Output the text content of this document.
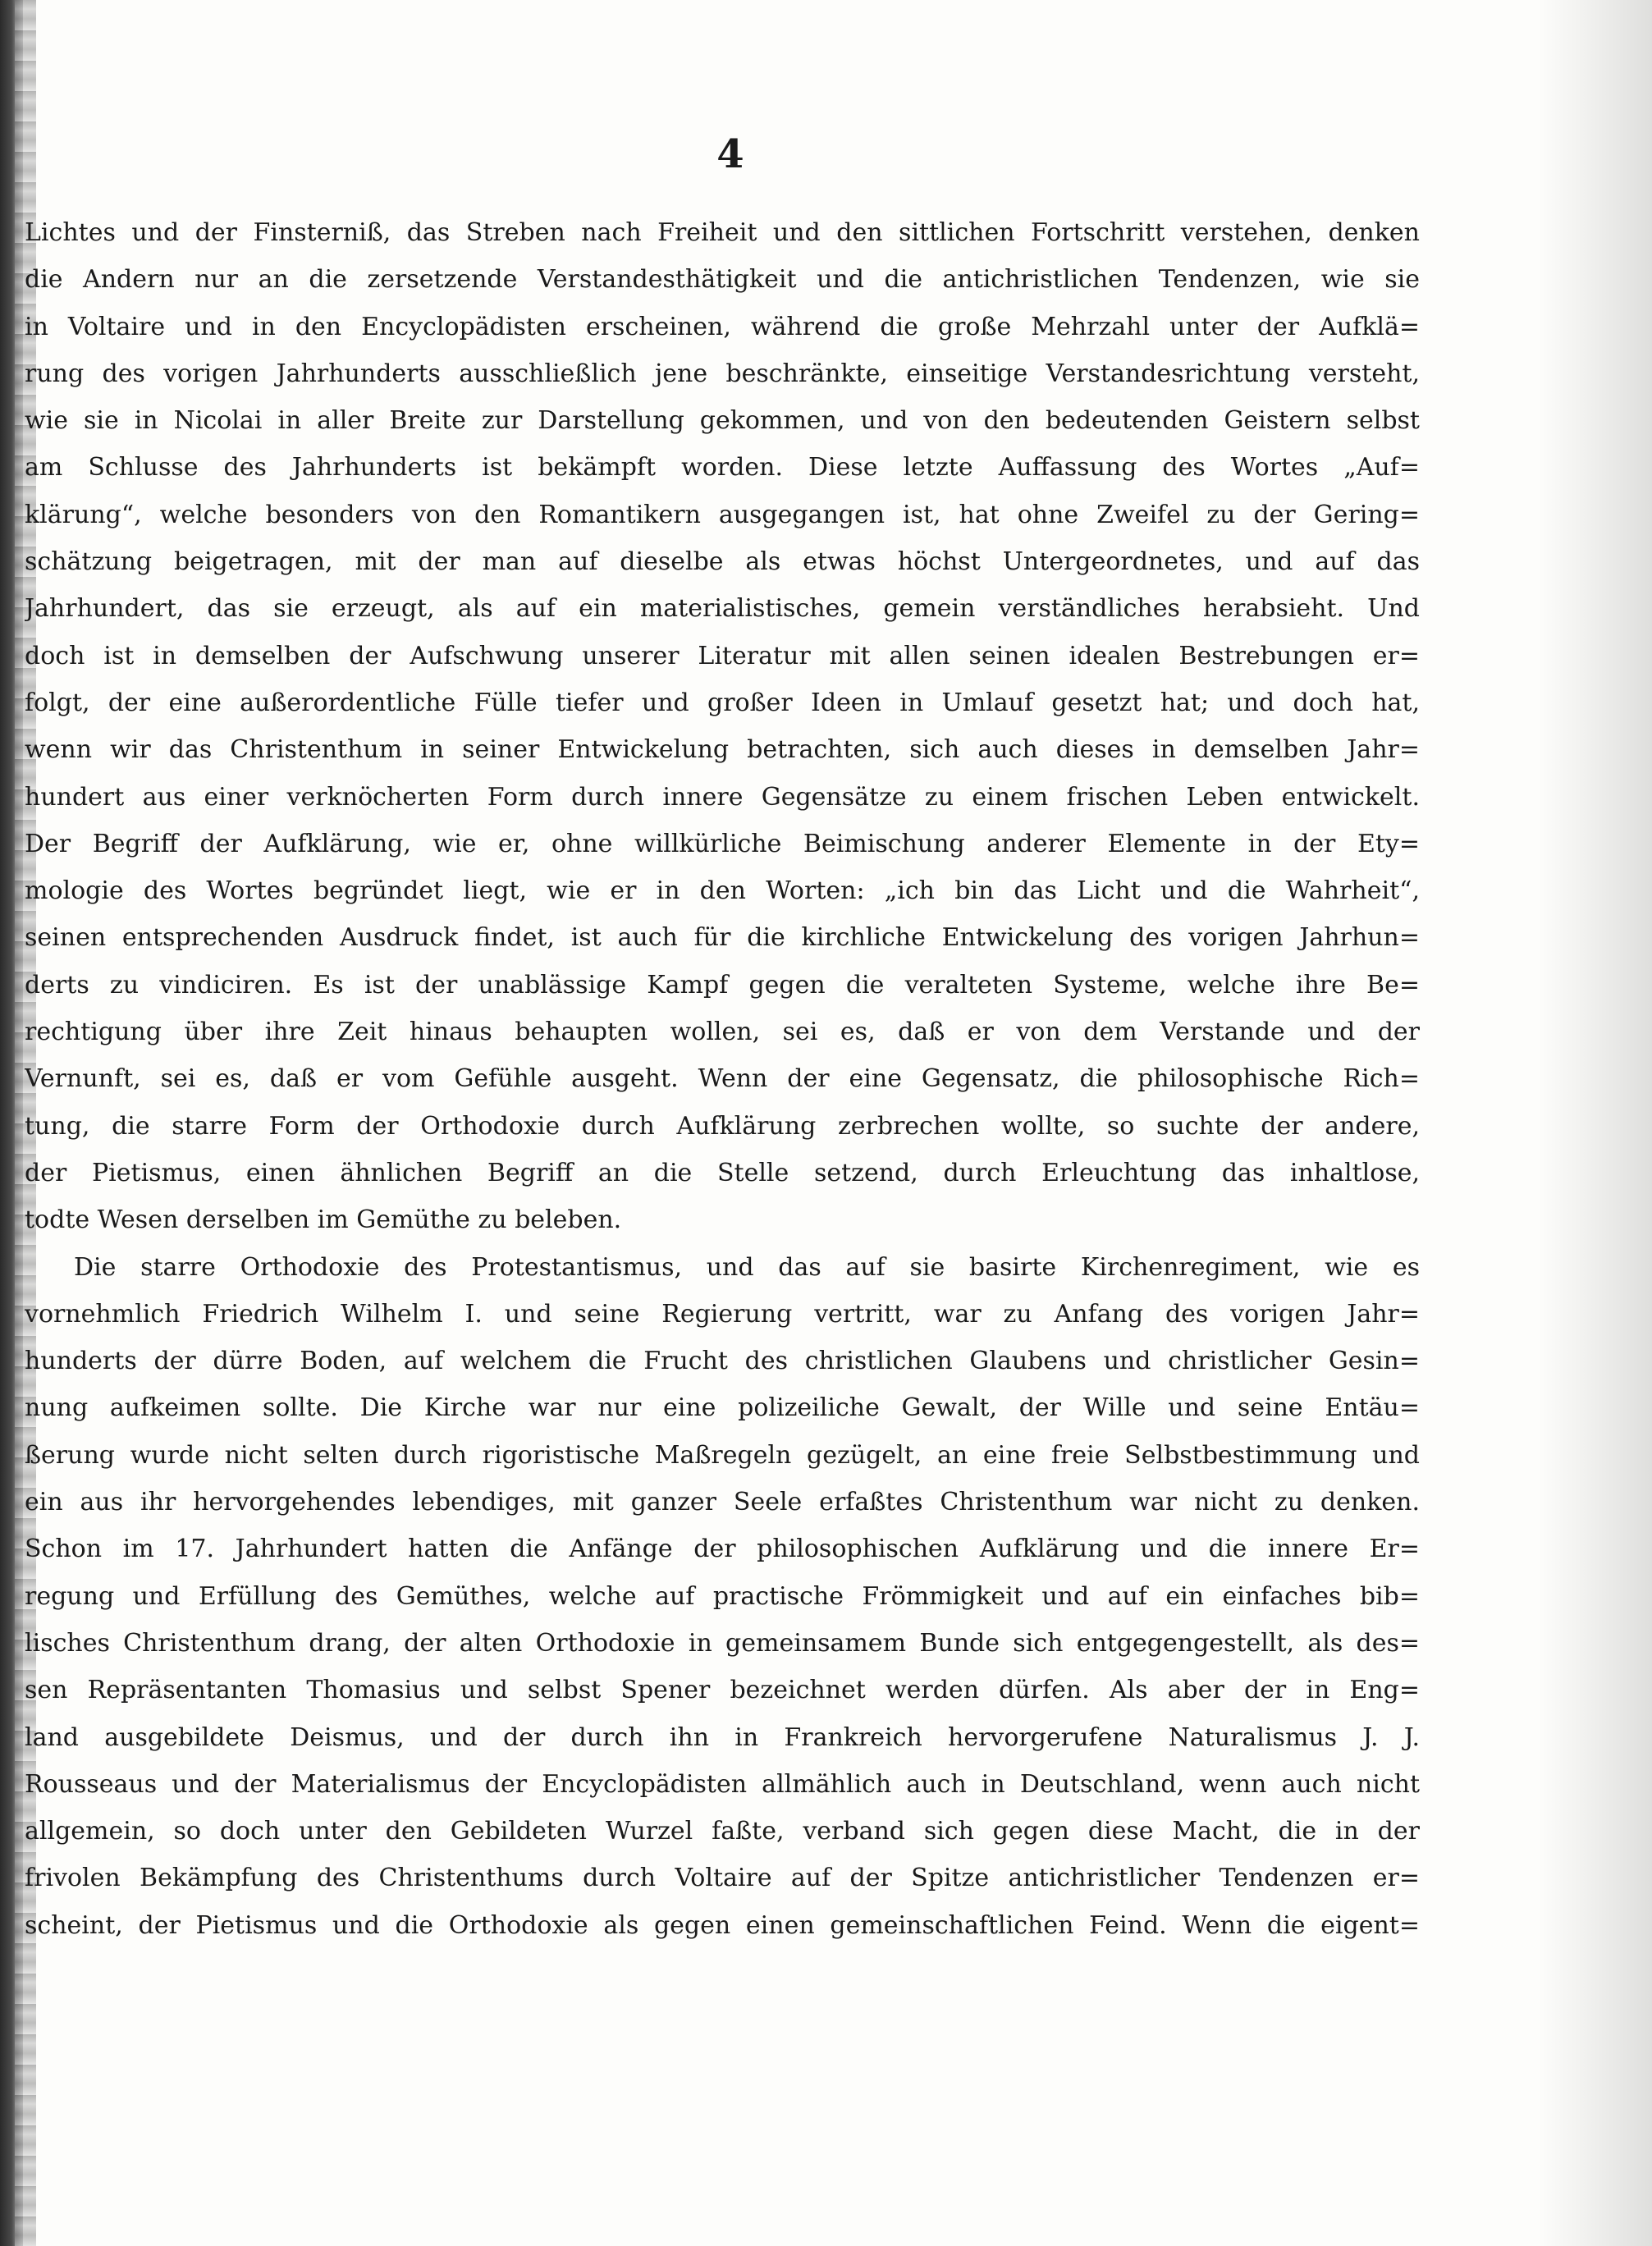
4
Lichtes und der Finsterniß, das Streben nach Freiheit und den sittlichen Fortschritt verstehen, denken
die Andern nur an die zersetzende Verstandesthätigkeit und die antichristlichen Tendenzen, wie sie
in Voltaire und in den Encyclopädisten erscheinen, während die große Mehrzahl unter der Aufklä=
rung des vorigen Jahrhunderts ausschließlich jene beschränkte, einseitige Verstandesrichtung versteht,
wie sie in Nicolai in aller Breite zur Darstellung gekommen, und von den bedeutenden Geistern selbst
am Schlusse des Jahrhunderts ist bekämpft worden. Diese letzte Auffassung des Wortes „Auf=
klärung“, welche besonders von den Romantikern ausgegangen ist, hat ohne Zweifel zu der Gering=
schätzung beigetragen, mit der man auf dieselbe als etwas höchst Untergeordnetes, und auf das
Jahrhundert, das sie erzeugt, als auf ein materialistisches, gemein verständliches herabsieht. Und
doch ist in demselben der Aufschwung unserer Literatur mit allen seinen idealen Bestrebungen er=
folgt, der eine außerordentliche Fülle tiefer und großer Ideen in Umlauf gesetzt hat; und doch hat,
wenn wir das Christenthum in seiner Entwickelung betrachten, sich auch dieses in demselben Jahr=
hundert aus einer verknöcherten Form durch innere Gegensätze zu einem frischen Leben entwickelt.
Der Begriff der Aufklärung, wie er, ohne willkürliche Beimischung anderer Elemente in der Ety=
mologie des Wortes begründet liegt, wie er in den Worten: „ich bin das Licht und die Wahrheit“,
seinen entsprechenden Ausdruck findet, ist auch für die kirchliche Entwickelung des vorigen Jahrhun=
derts zu vindiciren. Es ist der unablässige Kampf gegen die veralteten Systeme, welche ihre Be=
rechtigung über ihre Zeit hinaus behaupten wollen, sei es, daß er von dem Verstande und der
Vernunft, sei es, daß er vom Gefühle ausgeht. Wenn der eine Gegensatz, die philosophische Rich=
tung, die starre Form der Orthodoxie durch Aufklärung zerbrechen wollte, so suchte der andere,
der Pietismus, einen ähnlichen Begriff an die Stelle setzend, durch Erleuchtung das inhaltlose,
todte Wesen derselben im Gemüthe zu beleben.
Die starre Orthodoxie des Protestantismus, und das auf sie basirte Kirchenregiment, wie es
vornehmlich Friedrich Wilhelm I. und seine Regierung vertritt, war zu Anfang des vorigen Jahr=
hunderts der dürre Boden, auf welchem die Frucht des christlichen Glaubens und christlicher Gesin=
nung aufkeimen sollte. Die Kirche war nur eine polizeiliche Gewalt, der Wille und seine Entäu=
ßerung wurde nicht selten durch rigoristische Maßregeln gezügelt, an eine freie Selbstbestimmung und
ein aus ihr hervorgehendes lebendiges, mit ganzer Seele erfaßtes Christenthum war nicht zu denken.
Schon im 17. Jahrhundert hatten die Anfänge der philosophischen Aufklärung und die innere Er=
regung und Erfüllung des Gemüthes, welche auf practische Frömmigkeit und auf ein einfaches bib=
lisches Christenthum drang, der alten Orthodoxie in gemeinsamem Bunde sich entgegengestellt, als des=
sen Repräsentanten Thomasius und selbst Spener bezeichnet werden dürfen. Als aber der in Eng=
land ausgebildete Deismus, und der durch ihn in Frankreich hervorgerufene Naturalismus J. J.
Rousseaus und der Materialismus der Encyclopädisten allmählich auch in Deutschland, wenn auch nicht
allgemein, so doch unter den Gebildeten Wurzel faßte, verband sich gegen diese Macht, die in der
frivolen Bekämpfung des Christenthums durch Voltaire auf der Spitze antichristlicher Tendenzen er=
scheint, der Pietismus und die Orthodoxie als gegen einen gemeinschaftlichen Feind. Wenn die eigent=
